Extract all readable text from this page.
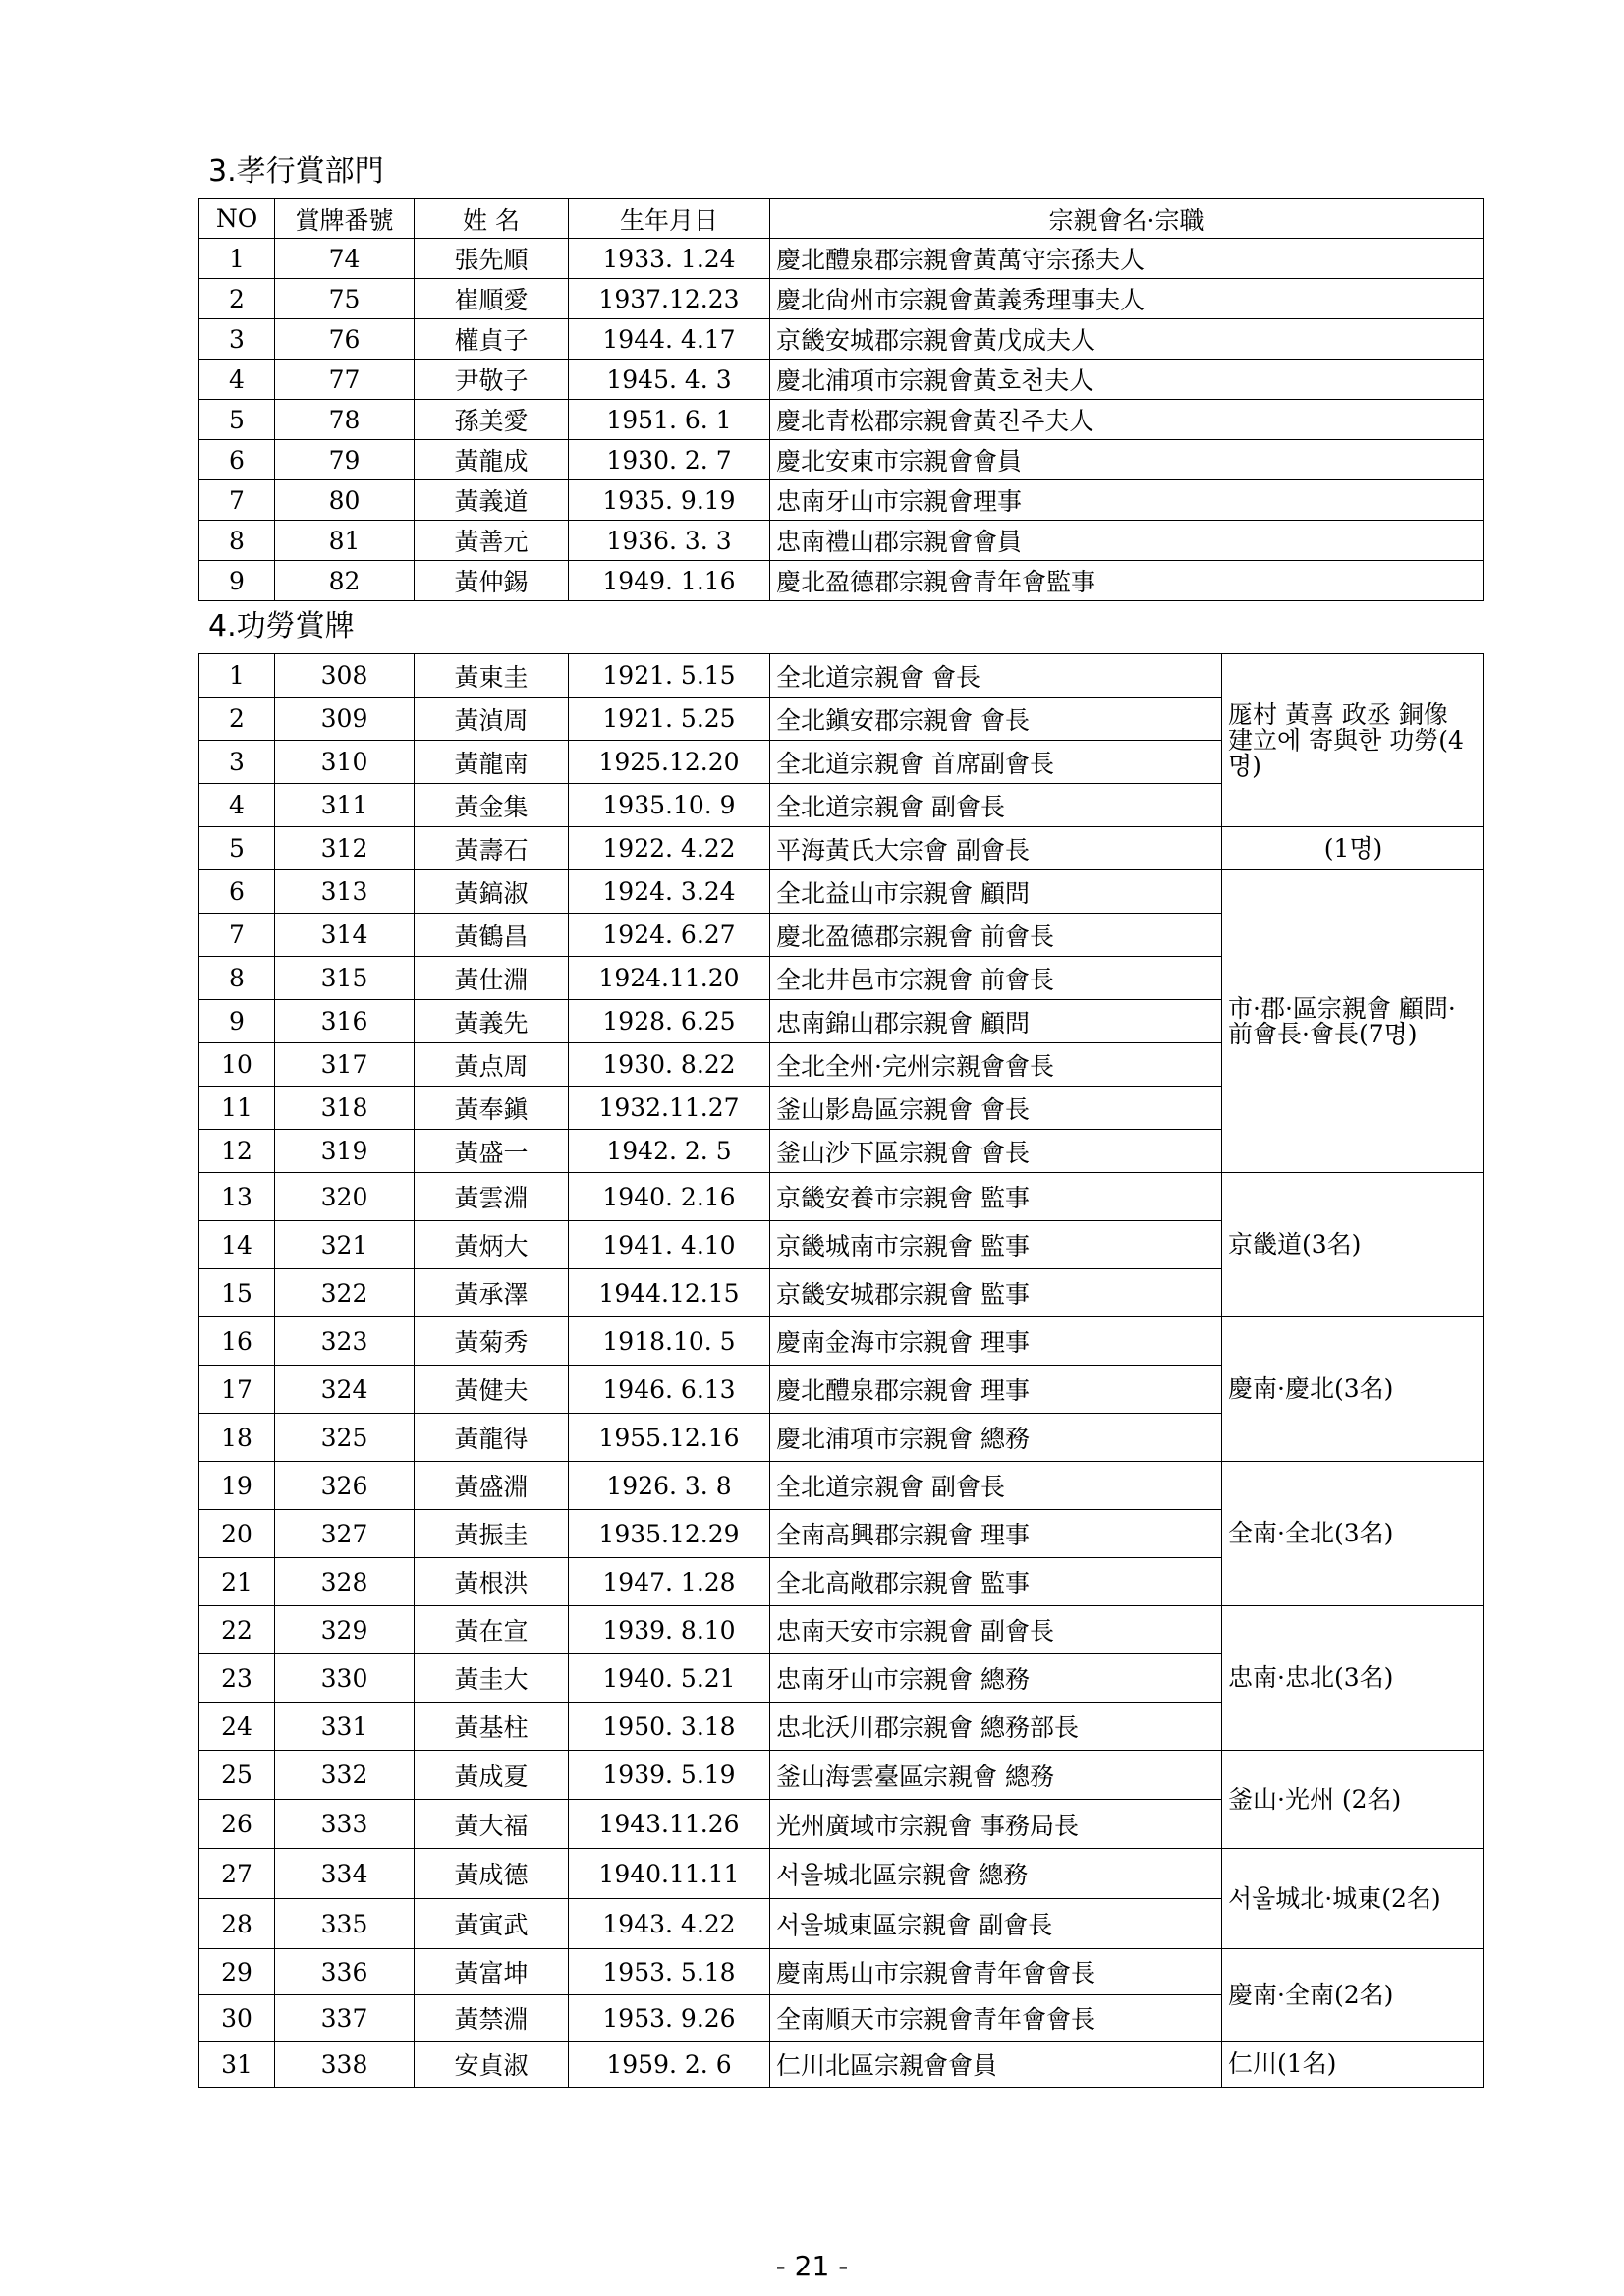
3.孝行賞部門
NO	賞牌番號	姓 名	生年月日	宗親會名·宗職
1	74	張先順	1933. 1.24	慶北醴泉郡宗親會黃萬守宗孫夫人
2	75	崔順愛	1937.12.23	慶北尙州市宗親會黃義秀理事夫人
3	76	權貞子	1944. 4.17	京畿安城郡宗親會黃戊成夫人
4	77	尹敬子	1945. 4. 3	慶北浦項市宗親會黃호천夫人
5	78	孫美愛	1951. 6. 1	慶北青松郡宗親會黃진주夫人
6	79	黃龍成	1930. 2. 7	慶北安東市宗親會會員
7	80	黃義道	1935. 9.19	忠南牙山市宗親會理事
8	81	黃善元	1936. 3. 3	忠南禮山郡宗親會會員
9	82	黃仲錫	1949. 1.16	慶北盈德郡宗親會青年會監事
4.功勞賞牌
1	308	黃東圭	1921. 5.15	全北道宗親會 會長	厖村 黃喜 政丞 銅像 建立에 寄與한 功勞(4명)
2	309	黃湞周	1921. 5.25	全北鎭安郡宗親會 會長	
3	310	黃龍南	1925.12.20	全北道宗親會 首席副會長	
4	311	黃金集	1935.10. 9	全北道宗親會 副會長	
5	312	黃壽石	1922. 4.22	平海黃氏大宗會 副會長	(1명)
6	313	黃鎬淑	1924. 3.24	全北益山市宗親會 顧問	市·郡·區宗親會 顧問·前會長·會長(7명)
7	314	黃鶴昌	1924. 6.27	慶北盈德郡宗親會 前會長	
8	315	黃仕淵	1924.11.20	全北井邑市宗親會 前會長	
9	316	黃義先	1928. 6.25	忠南錦山郡宗親會 顧問	
10	317	黃点周	1930. 8.22	全北全州·完州宗親會會長	
11	318	黃奉鎭	1932.11.27	釜山影島區宗親會 會長	
12	319	黃盛一	1942. 2. 5	釜山沙下區宗親會 會長	
13	320	黃雲淵	1940. 2.16	京畿安養市宗親會 監事	京畿道(3名)
14	321	黃炳大	1941. 4.10	京畿城南市宗親會 監事	
15	322	黃承澤	1944.12.15	京畿安城郡宗親會 監事	
16	323	黃菊秀	1918.10. 5	慶南金海市宗親會 理事	慶南·慶北(3名)
17	324	黃健夫	1946. 6.13	慶北醴泉郡宗親會 理事	
18	325	黃龍得	1955.12.16	慶北浦項市宗親會 總務	
19	326	黃盛淵	1926. 3. 8	全北道宗親會 副會長	全南·全北(3名)
20	327	黃振圭	1935.12.29	全南高興郡宗親會 理事	
21	328	黃根洪	1947. 1.28	全北高敞郡宗親會 監事	
22	329	黃在宣	1939. 8.10	忠南天安市宗親會 副會長	忠南·忠北(3名)
23	330	黃圭大	1940. 5.21	忠南牙山市宗親會 總務	
24	331	黃基柱	1950. 3.18	忠北沃川郡宗親會 總務部長	
25	332	黃成夏	1939. 5.19	釜山海雲臺區宗親會 總務	釜山·光州 (2名)
26	333	黃大福	1943.11.26	光州廣域市宗親會 事務局長	
27	334	黃成德	1940.11.11	서울城北區宗親會 總務	서울城北·城東(2名)
28	335	黃寅武	1943. 4.22	서울城東區宗親會 副會長	
29	336	黃富坤	1953. 5.18	慶南馬山市宗親會青年會會長	慶南·全南(2名)
30	337	黃禁淵	1953. 9.26	全南順天市宗親會青年會會長	
31	338	安貞淑	1959. 2. 6	仁川北區宗親會會員	仁川(1名)
- 21 -
